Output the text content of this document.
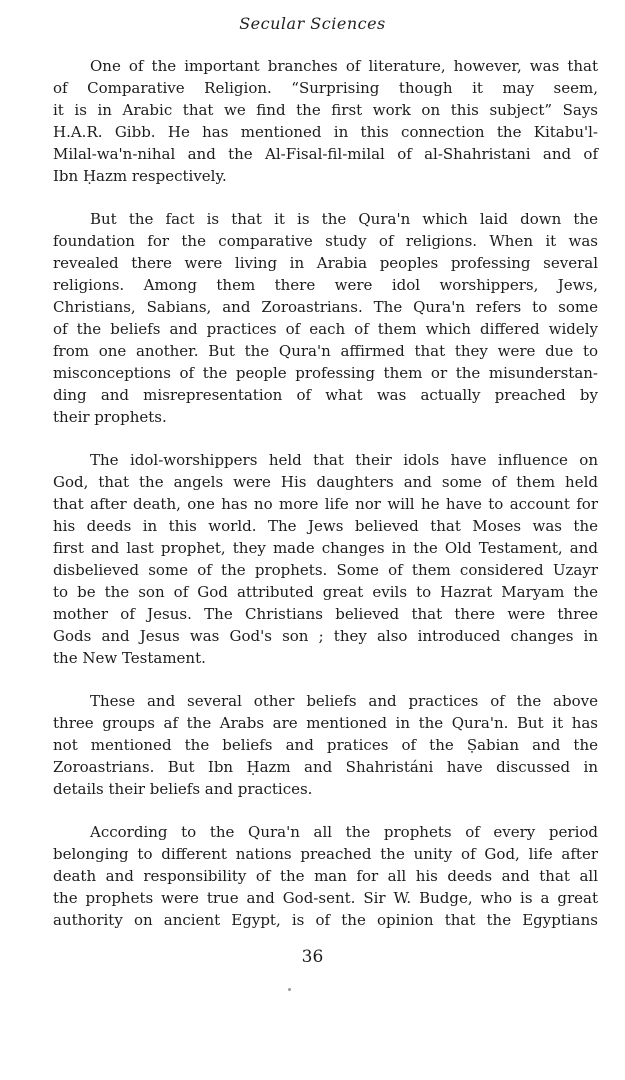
Secular Sciences

One of the important branches of literature, however, was that
of Comparative Religion. “Surprising though it may seem,
it is in Arabic that we find the first work on this subject” Says
H.A.R. Gibb. He has mentioned in this connection the Kitabu'l-
Milal-wa'n-nihal and the Al-Fisal-fil-milal of al-Shahristani and of
Ibn Ḥazm respectively.

But the fact is that it is the Qura'n which laid down the
foundation for the comparative study of religions. When it was
revealed there were living in Arabia peoples professing several
religions. Among them there were idol worshippers, Jews,
Christians, Sabians, and Zoroastrians. The Qura'n refers to some
of the beliefs and practices of each of them which differed widely
from one another. But the Qura'n affirmed that they were due to
misconceptions of the people professing them or the misunderstan-
ding and misrepresentation of what was actually preached by
their prophets.

The idol-worshippers held that their idols have influence on
God, that the angels were His daughters and some of them held
that after death, one has no more life nor will he have to account for
his deeds in this world. The Jews believed that Moses was the
first and last prophet, they made changes in the Old Testament, and
disbelieved some of the prophets. Some of them considered Uzayr
to be the son of God attributed great evils to Hazrat Maryam the
mother of Jesus. The Christians believed that there were three
Gods and Jesus was God's son ; they also introduced changes in
the New Testament.

These and several other beliefs and practices of the above
three groups af the Arabs are mentioned in the Qura'n. But it has
not mentioned the beliefs and pratices of the Ṣabian and the
Zoroastrians. But Ibn Ḥazm and Shahristáni have discussed in
details their beliefs and practices.

According to the Qura'n all the prophets of every period
belonging to different nations preached the unity of God, life after
death and responsibility of the man for all his deeds and that all
the prophets were true and God-sent. Sir W. Budge, who is a great
authority on ancient Egypt, is of the opinion that the Egyptians

36
